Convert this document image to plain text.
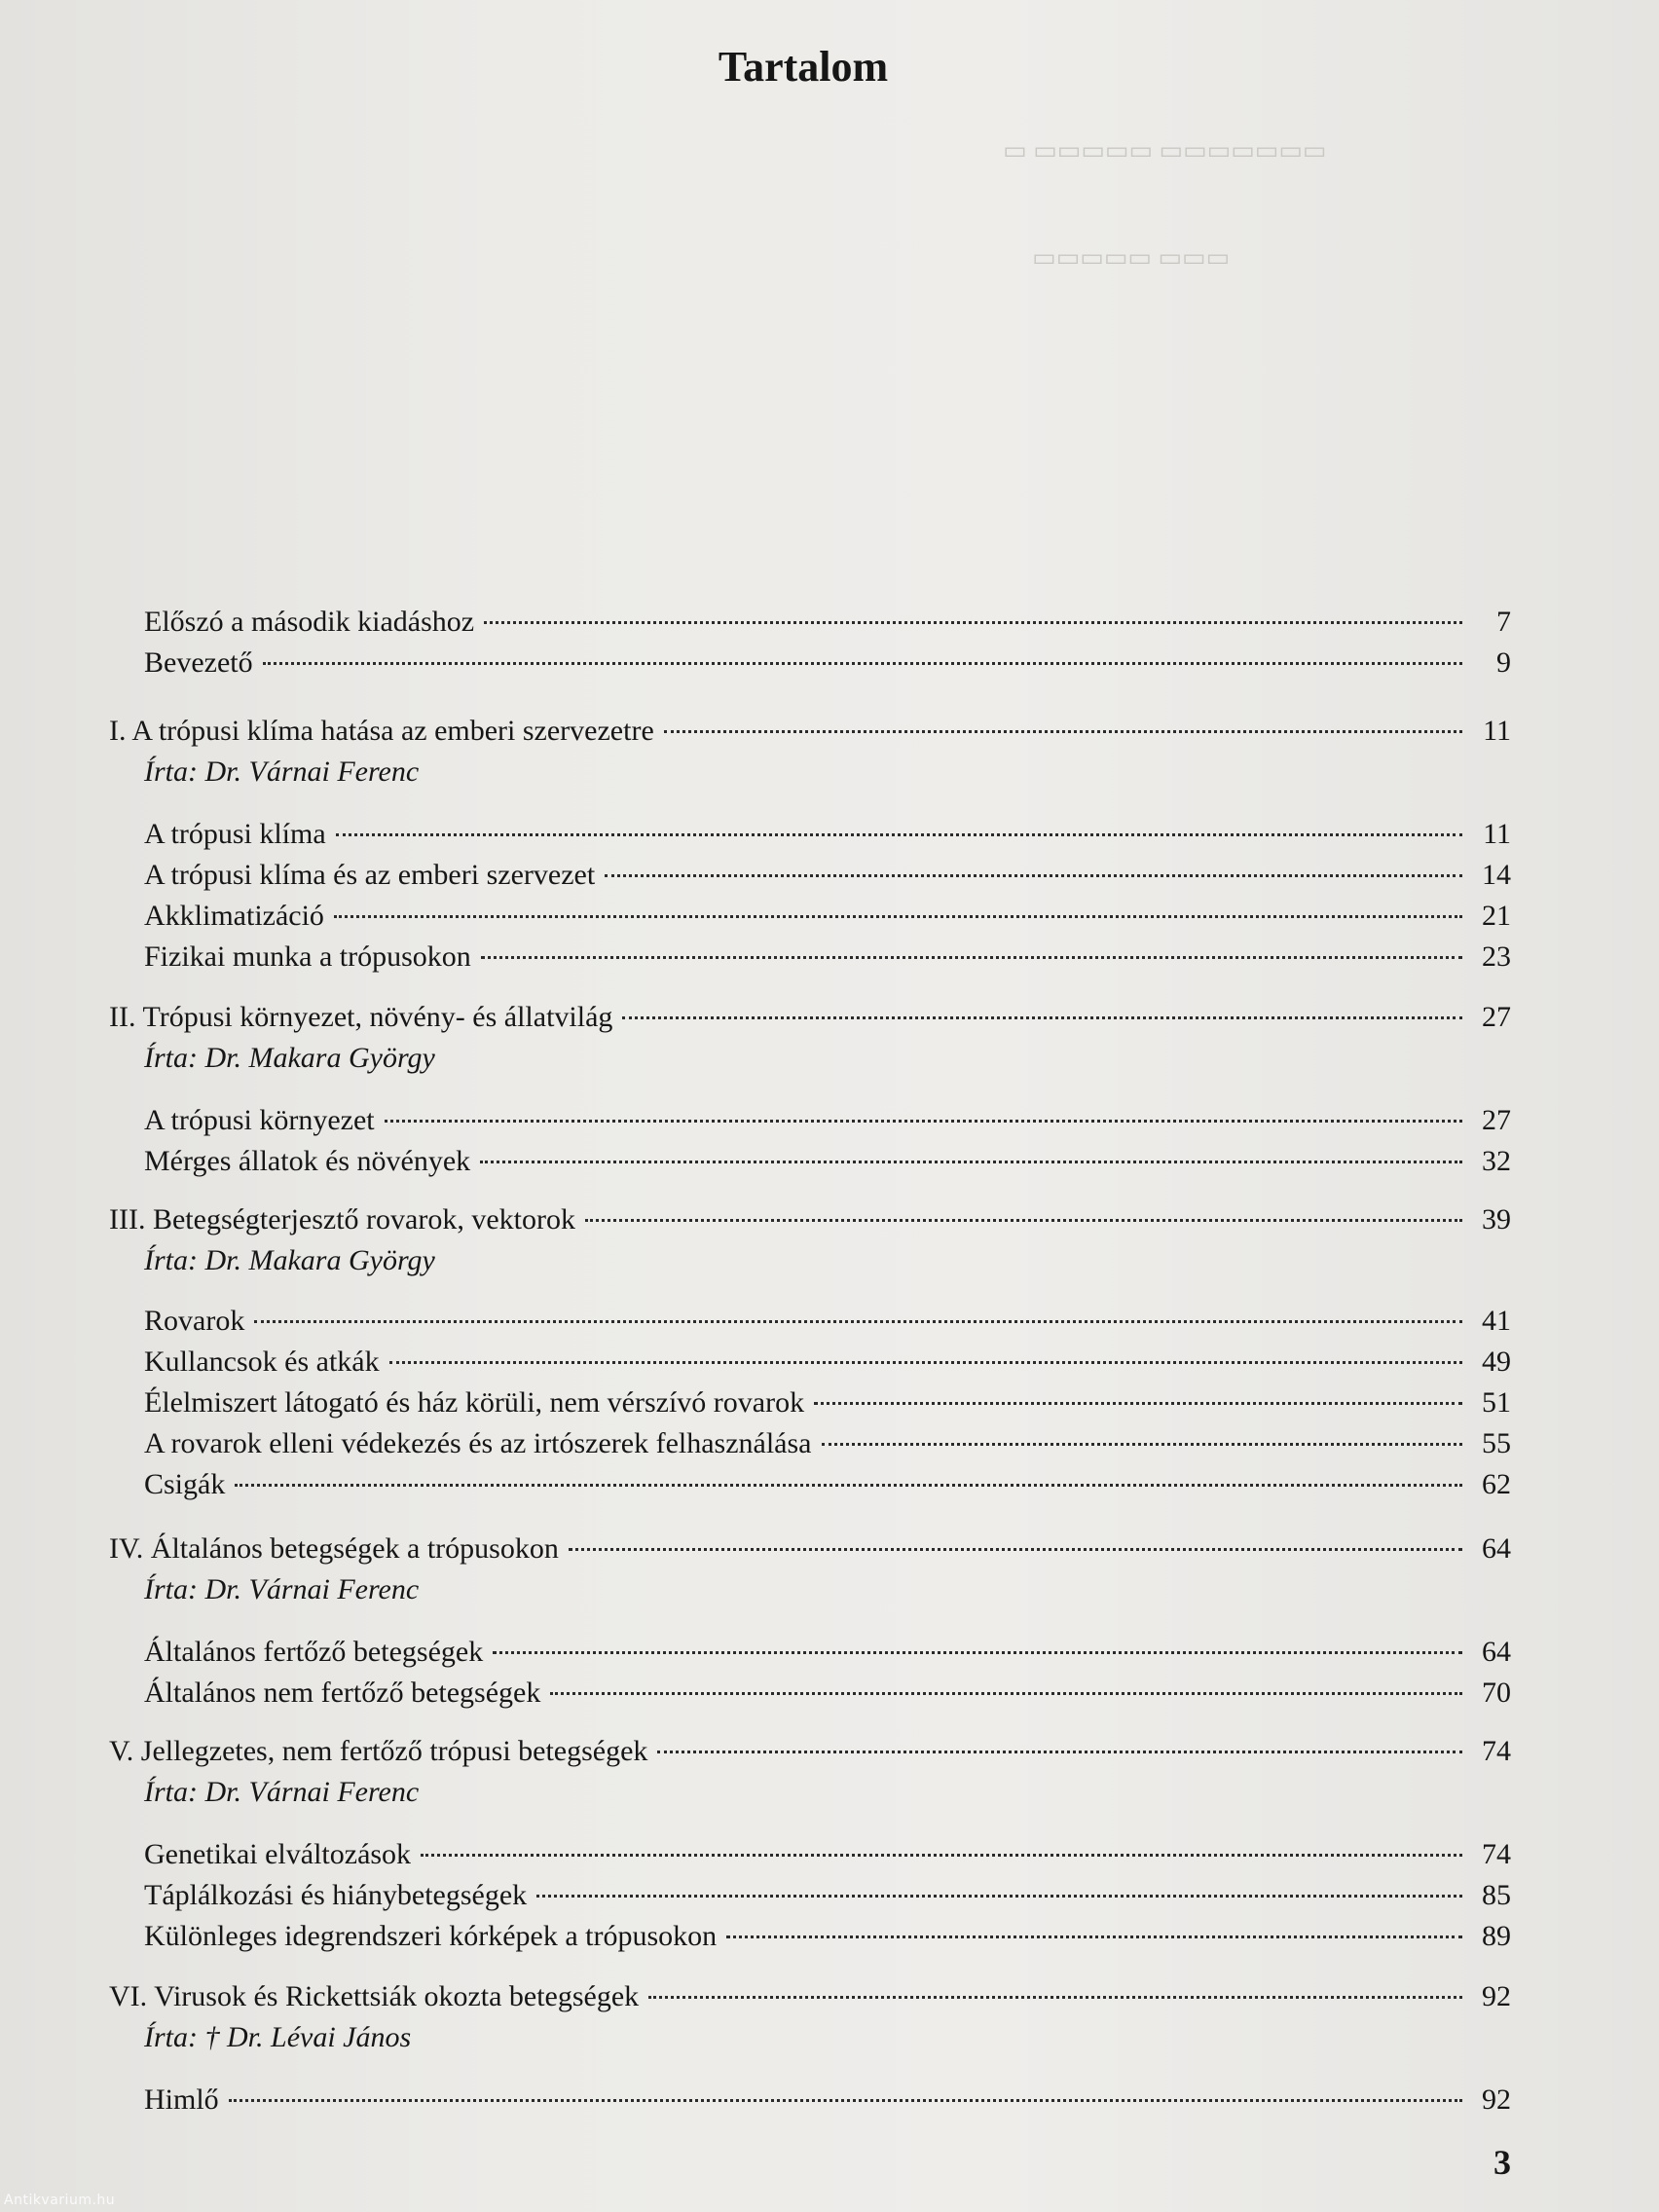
▭ ▭▭▭▭▭ ▭▭▭▭▭▭▭
▭▭▭▭▭ ▭▭▭
Tartalom
Előszó a második kiadáshoz	7
Bevezető	9
I. A trópusi klíma hatása az emberi szervezetre	11
Írta: Dr. Várnai Ferenc
A trópusi klíma	11
A trópusi klíma és az emberi szervezet	14
Akklimatizáció	21
Fizikai munka a trópusokon	23
II. Trópusi környezet, növény- és állatvilág	27
Írta: Dr. Makara György
A trópusi környezet	27
Mérges állatok és növények	32
III. Betegségterjesztő rovarok, vektorok	39
Írta: Dr. Makara György
Rovarok	41
Kullancsok és atkák	49
Élelmiszert látogató és ház körüli, nem vérszívó rovarok	51
A rovarok elleni védekezés és az irtószerek felhasználása	55
Csigák	62
IV. Általános betegségek a trópusokon	64
Írta: Dr. Várnai Ferenc
Általános fertőző betegségek	64
Általános nem fertőző betegségek	70
V. Jellegzetes, nem fertőző trópusi betegségek	74
Írta: Dr. Várnai Ferenc
Genetikai elváltozások	74
Táplálkozási és hiánybetegségek	85
Különleges idegrendszeri kórképek a trópusokon	89
VI. Virusok és Rickettsiák okozta betegségek	92
Írta: † Dr. Lévai János
Himlő	92
3
Antikvarium.hu
